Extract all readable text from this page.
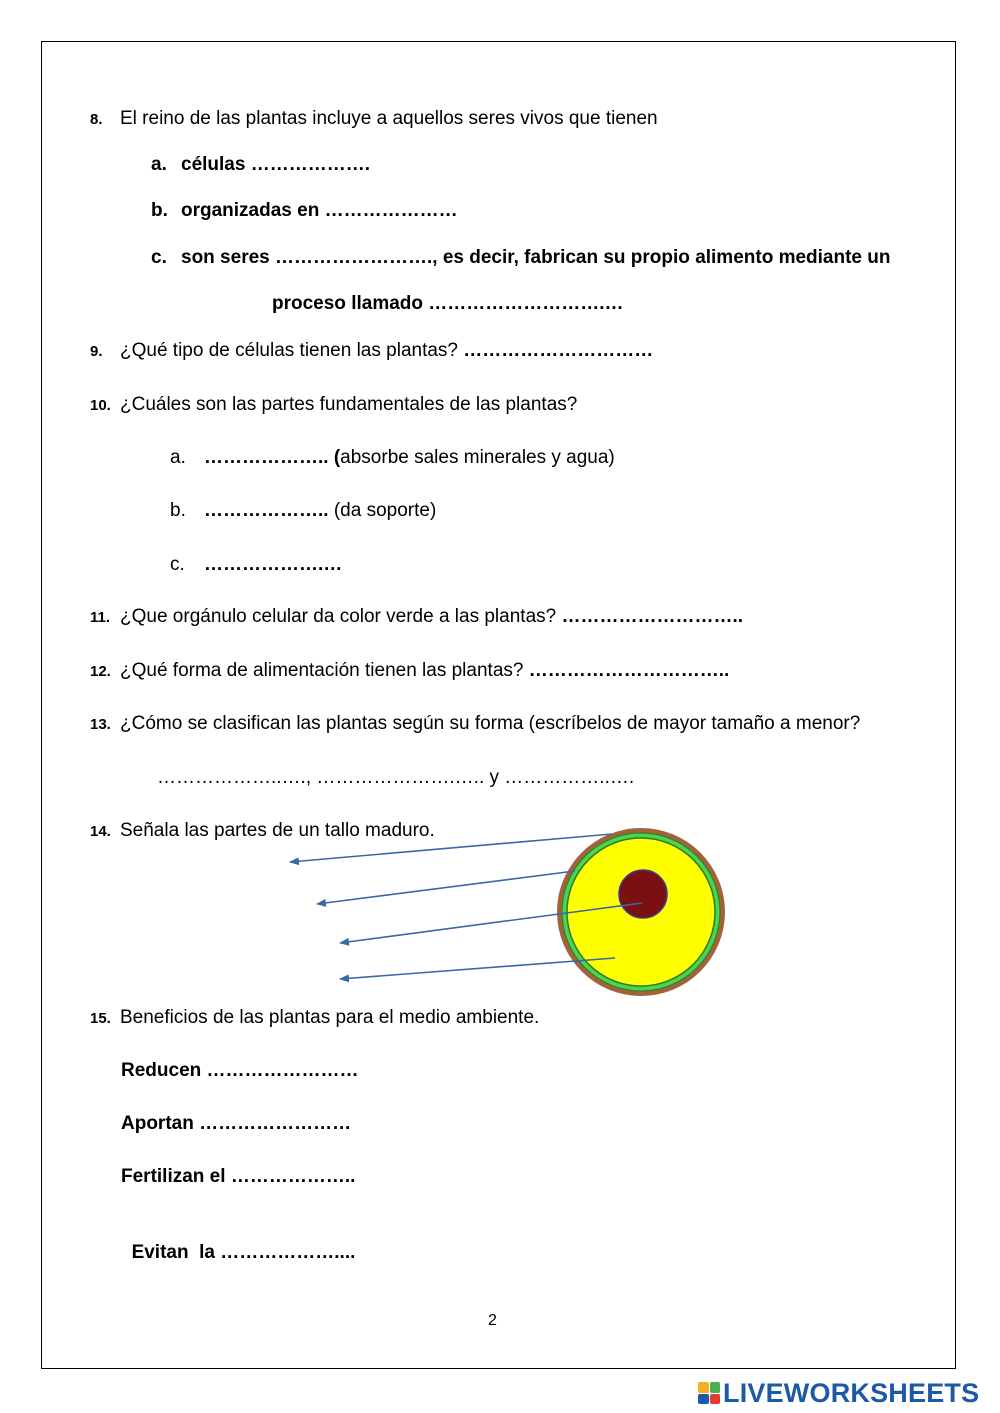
8. El reino de las plantas incluye a aquellos seres vivos que tienen
a. células ……………….
b. organizadas en …………………
c. son seres ……………………., es decir, fabrican su propio alimento mediante un
proceso llamado ……………………….…
9. ¿Qué tipo de células tienen las plantas? …………………………
10. ¿Cuáles son las partes fundamentales de las plantas?
a. ……………….. (absorbe sales minerales y agua)
b. ……………….. (da soporte)
c. ……………….…
11. ¿Que orgánulo celular da color verde a las plantas? ………………………..
12. ¿Qué forma de alimentación tienen las plantas? …………………………..
13. ¿Cómo se clasifican las plantas según su forma (escríbelos de mayor tamaño a menor?
………………..…., ………………….….. y ……………..….
14. Señala las partes de un tallo maduro.
15. Beneficios de las plantas para el medio ambiente.
Reducen ……………………
Aportan ……………………
Fertilizan el ………………..

Evitan  la ………………....

2
LIVEWORKSHEETS
